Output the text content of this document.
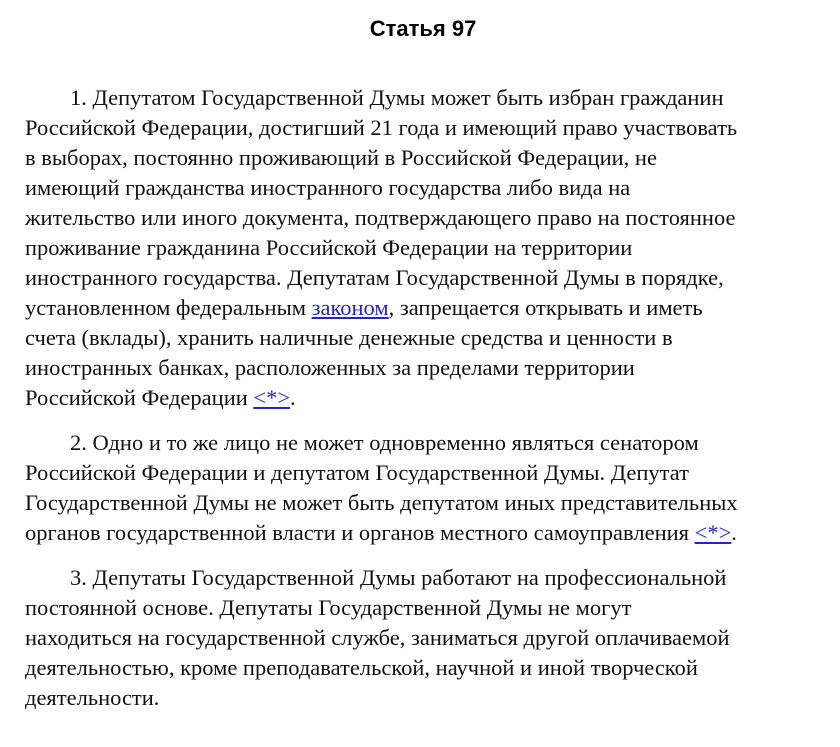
Статья 97
1. Депутатом Государственной Думы может быть избран гражданин
Российской Федерации, достигший 21 года и имеющий право участвовать
в выборах, постоянно проживающий в Российской Федерации, не
имеющий гражданства иностранного государства либо вида на
жительство или иного документа, подтверждающего право на постоянное
проживание гражданина Российской Федерации на территории
иностранного государства. Депутатам Государственной Думы в порядке,
установленном федеральным законом, запрещается открывать и иметь
счета (вклады), хранить наличные денежные средства и ценности в
иностранных банках, расположенных за пределами территории
Российской Федерации <*>.
2. Одно и то же лицо не может одновременно являться сенатором
Российской Федерации и депутатом Государственной Думы. Депутат
Государственной Думы не может быть депутатом иных представительных
органов государственной власти и органов местного самоуправления <*>.
3. Депутаты Государственной Думы работают на профессиональной
постоянной основе. Депутаты Государственной Думы не могут
находиться на государственной службе, заниматься другой оплачиваемой
деятельностью, кроме преподавательской, научной и иной творческой
деятельности.
